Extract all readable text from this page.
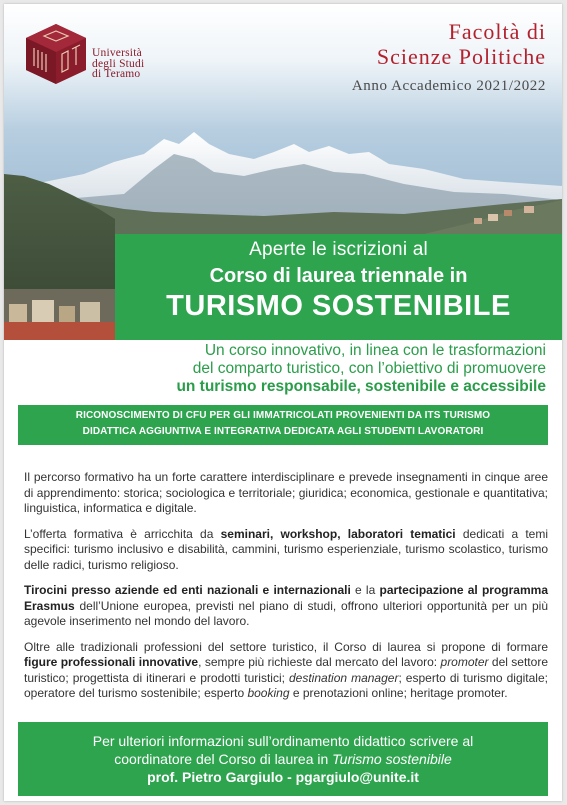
Università
degli Studi
di Teramo
Facoltà di
Scienze Politiche
Anno Accademico 2021/2022
Aperte le iscrizioni al
Corso di laurea triennale in
TURISMO SOSTENIBILE
Un corso innovativo, in linea con le trasformazioni
del comparto turistico, con l’obiettivo di promuovere
un turismo responsabile, sostenibile e accessibile
RICONOSCIMENTO DI CFU PER GLI IMMATRICOLATI PROVENIENTI DA ITS TURISMO
DIDATTICA AGGIUNTIVA E INTEGRATIVA DEDICATA AGLI STUDENTI LAVORATORI

Il percorso formativo ha un forte carattere interdisciplinare e prevede insegnamenti in cinque aree di apprendimento: storica; sociologica e territoriale; giuridica; economica, gestionale e quantitativa; linguistica, informatica e digitale.

L’offerta formativa è arricchita da seminari, workshop, laboratori tematici dedicati a temi specifici: turismo inclusivo e disabilità, cammini, turismo esperienziale, turismo scolastico, turismo delle radici, turismo religioso.

Tirocini presso aziende ed enti nazionali e internazionali e la partecipazione al programma Erasmus dell’Unione europea, previsti nel piano di studi, offrono ulteriori opportunità per un più agevole inserimento nel mondo del lavoro.

Oltre alle tradizionali professioni del settore turistico, il Corso di laurea si propone di formare figure professionali innovative, sempre più richieste dal mercato del lavoro: promoter del settore turistico; progettista di itinerari e prodotti turistici; destination manager; esperto di turismo digitale; operatore del turismo sostenibile; esperto booking e prenotazioni online; heritage promoter.

Per ulteriori informazioni sull’ordinamento didattico scrivere al
coordinatore del Corso di laurea in Turismo sostenibile
prof. Pietro Gargiulo - pgargiulo@unite.it
